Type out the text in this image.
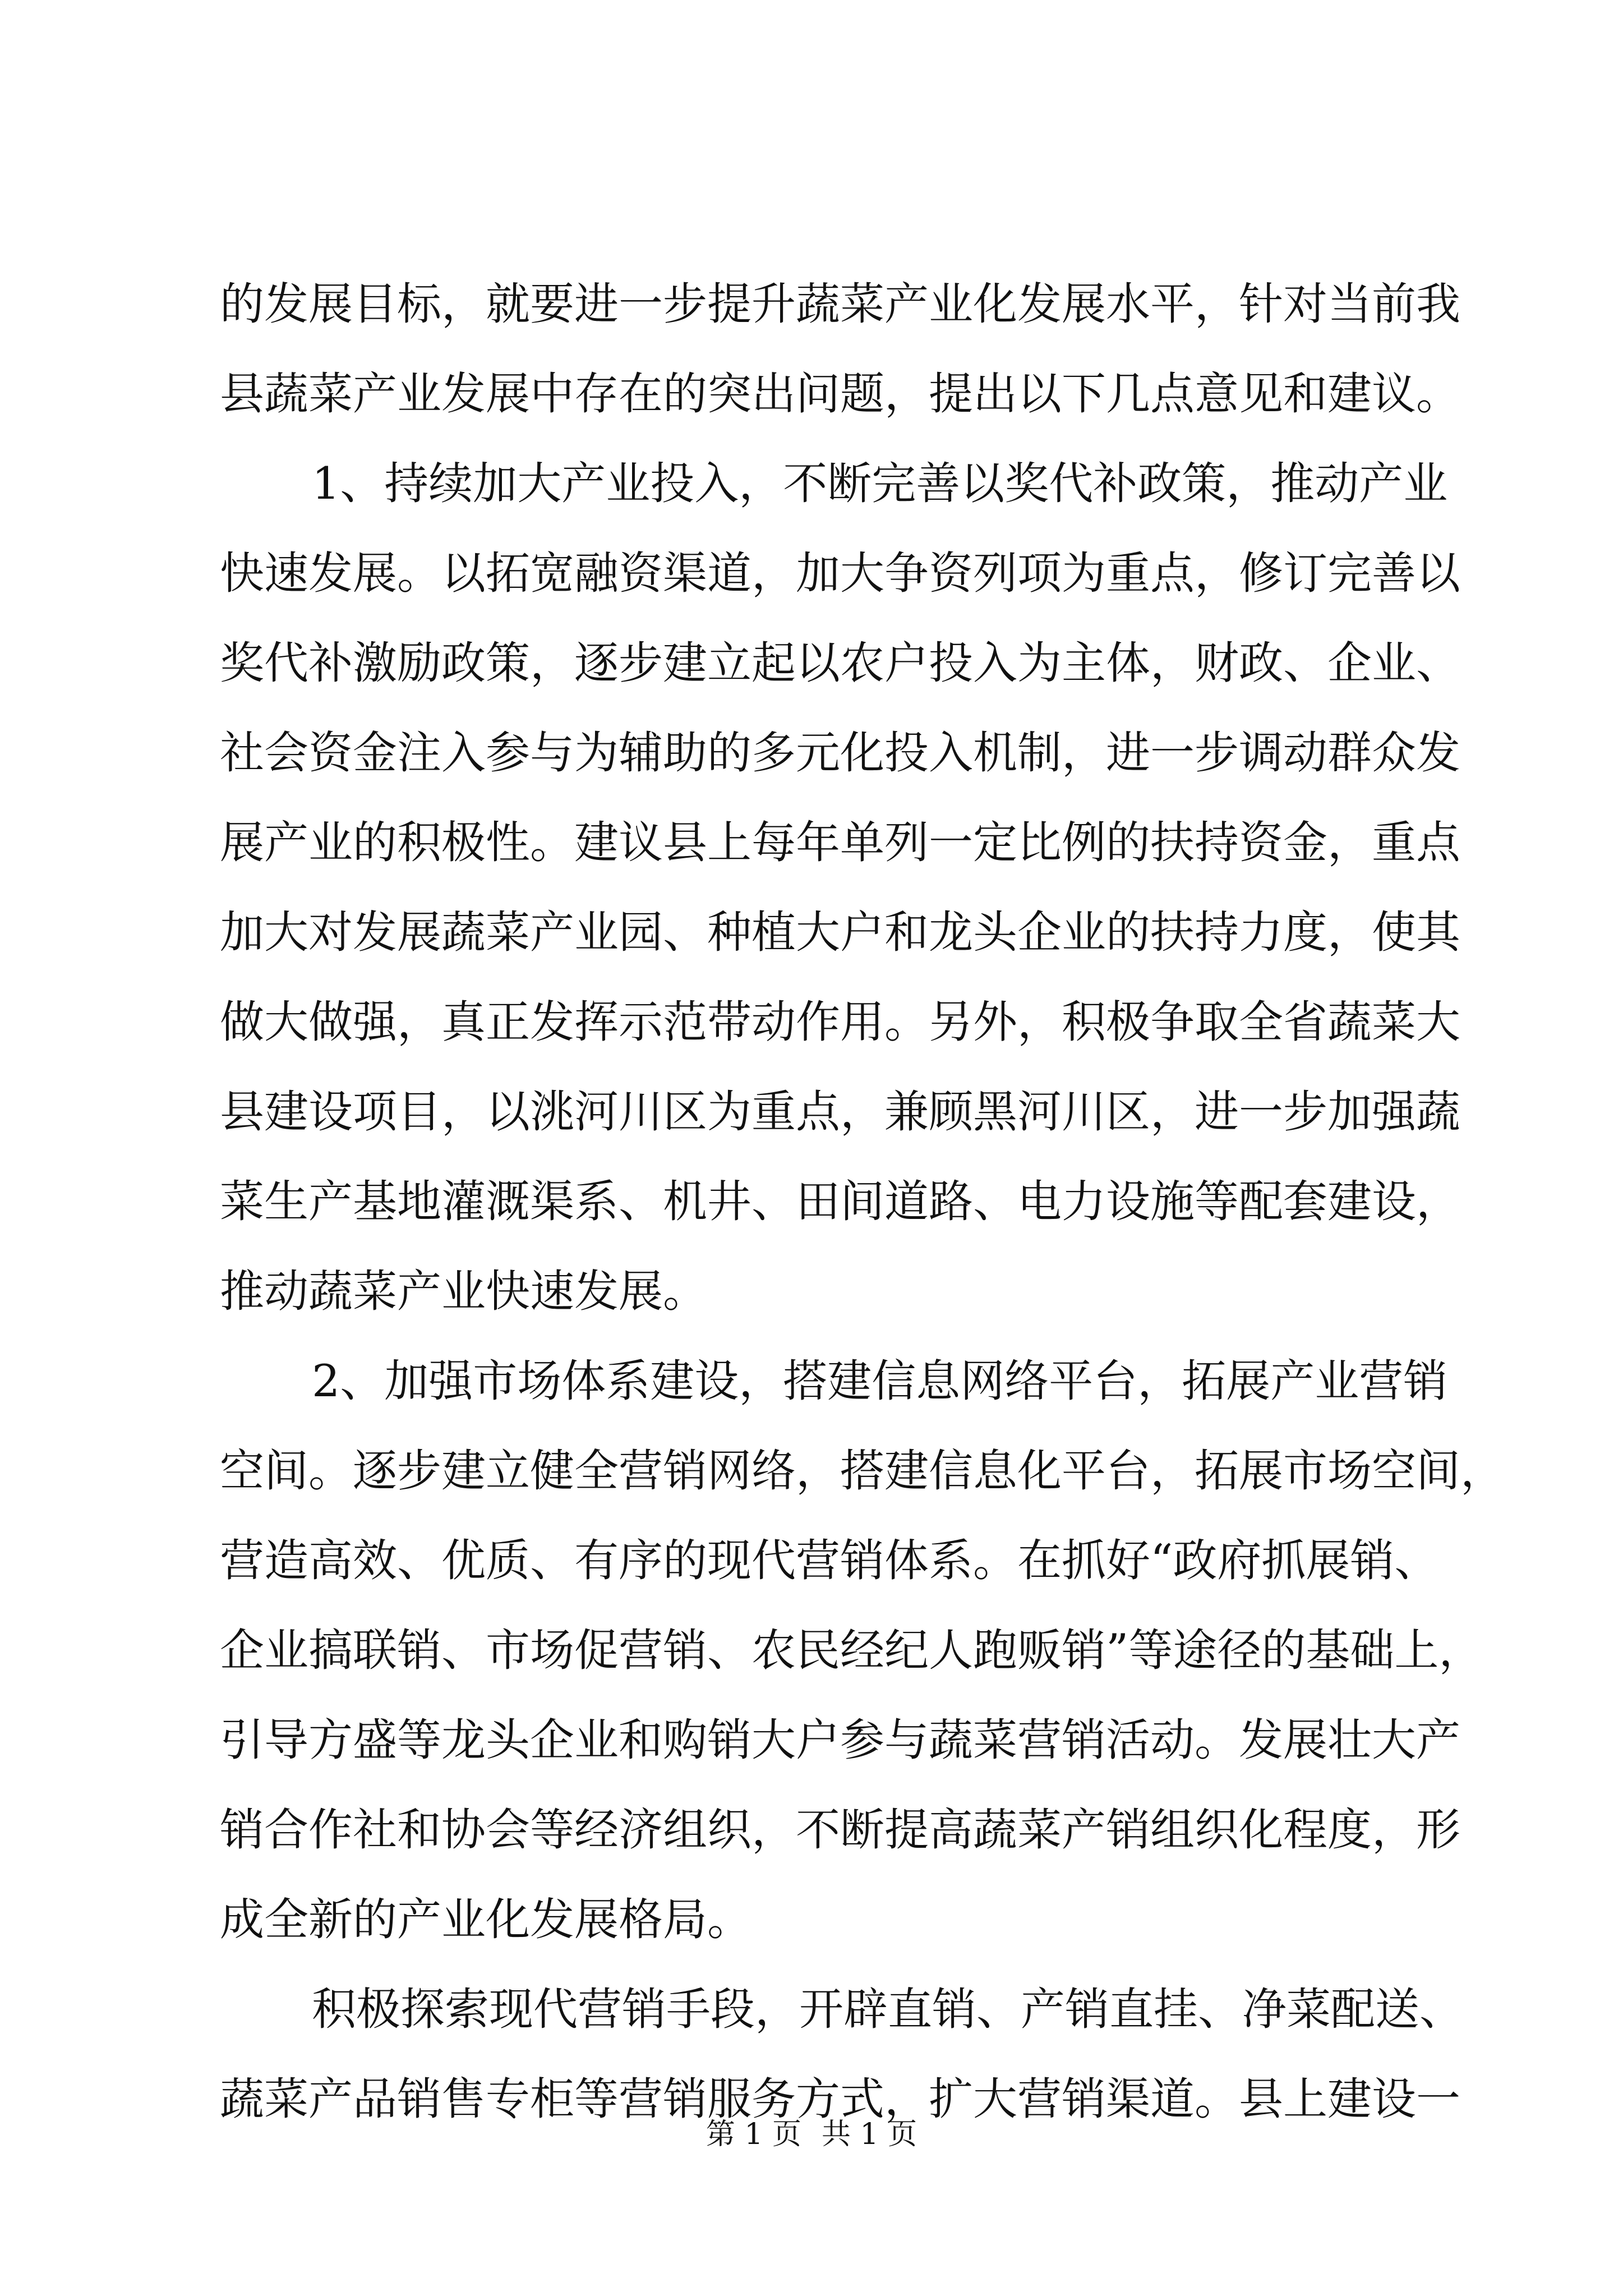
的发展目标，就要进一步提升蔬菜产业化发展水平，针对当前我
县蔬菜产业发展中存在的突出问题，提出以下几点意见和建议。
1、持续加大产业投入，不断完善以奖代补政策，推动产业
快速发展。以拓宽融资渠道，加大争资列项为重点，修订完善以
奖代补激励政策，逐步建立起以农户投入为主体，财政、企业、
社会资金注入参与为辅助的多元化投入机制，进一步调动群众发
展产业的积极性。建议县上每年单列一定比例的扶持资金，重点
加大对发展蔬菜产业园、种植大户和龙头企业的扶持力度，使其
做大做强，真正发挥示范带动作用。另外，积极争取全省蔬菜大
县建设项目，以洮河川区为重点，兼顾黑河川区，进一步加强蔬
菜生产基地灌溉渠系、机井、田间道路、电力设施等配套建设，
推动蔬菜产业快速发展。
2、加强市场体系建设，搭建信息网络平台，拓展产业营销
空间。逐步建立健全营销网络，搭建信息化平台，拓展市场空间，
营造高效、优质、有序的现代营销体系。在抓好“政府抓展销、
企业搞联销、市场促营销、农民经纪人跑贩销”等途径的基础上，
引导方盛等龙头企业和购销大户参与蔬菜营销活动。发展壮大产
销合作社和协会等经济组织，不断提高蔬菜产销组织化程度，形
成全新的产业化发展格局。
积极探索现代营销手段，开辟直销、产销直挂、净菜配送、
蔬菜产品销售专柜等营销服务方式，扩大营销渠道。县上建设一
第 1 页 共 1 页
